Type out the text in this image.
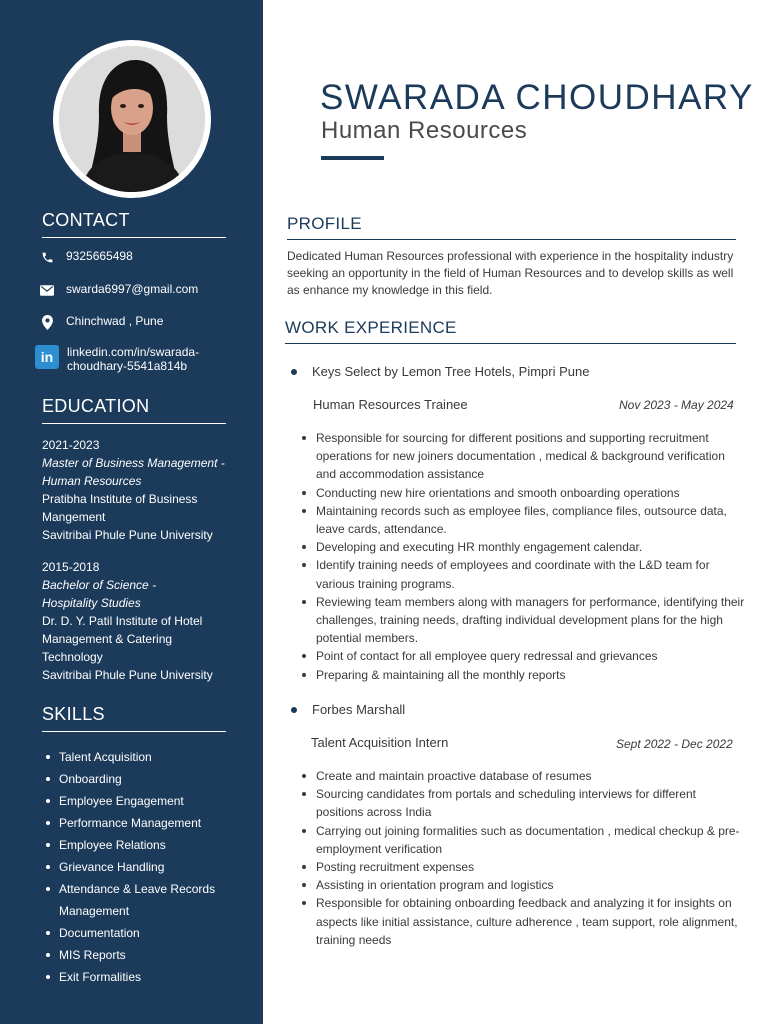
CONTACT
9325665498
swarda6997@gmail.com
Chinchwad , Pune
in	linkedin.com/in/swarada-
choudhary-5541a814b
EDUCATION
2021-2023
Master of Business Management -
Human Resources
Pratibha Institute of Business
Mangement
Savitribai Phule Pune University
2015-2018
Bachelor of Science -
Hospitality Studies
Dr. D. Y. Patil Institute of Hotel
Management & Catering
Technology
Savitribai Phule Pune University
SKILLS
Talent Acquisition
Onboarding
Employee Engagement
Performance Management
Employee Relations
Grievance Handling
Attendance & Leave Records
Management
Documentation
MIS Reports
Exit Formalities
SWARADA CHOUDHARY
Human Resources
PROFILE

Dedicated Human Resources professional with experience in the hospitality industry seeking an opportunity in the field of Human Resources and to develop skills as well as enhance my knowledge in this field.

WORK EXPERIENCE
Keys Select by Lemon Tree Hotels, Pimpri Pune
Human Resources Trainee	Nov 2023 - May 2024
Responsible for sourcing for different positions and supporting recruitment operations for new joiners documentation , medical & background verification and accommodation assistance
Conducting new hire orientations and smooth onboarding operations
Maintaining records such as employee files, compliance files, outsource data, leave cards, attendance.
Developing and executing HR monthly engagement calendar.
Identify training needs of employees and coordinate with the L&D team for various training programs.
Reviewing team members along with managers for performance, identifying their challenges, training needs, drafting individual development plans for the high potential members.
Point of contact for all employee query redressal and grievances
Preparing & maintaining all the monthly reports
Forbes Marshall
Talent Acquisition Intern	Sept 2022 - Dec 2022
Create and maintain proactive database of resumes
Sourcing candidates from portals and scheduling interviews for different positions across India
Carrying out joining formalities such as documentation , medical checkup & pre-employment verification
Posting recruitment expenses
Assisting in orientation program and logistics
Responsible for obtaining onboarding feedback and analyzing it for insights on aspects like initial assistance, culture adherence , team support, role alignment, training needs
